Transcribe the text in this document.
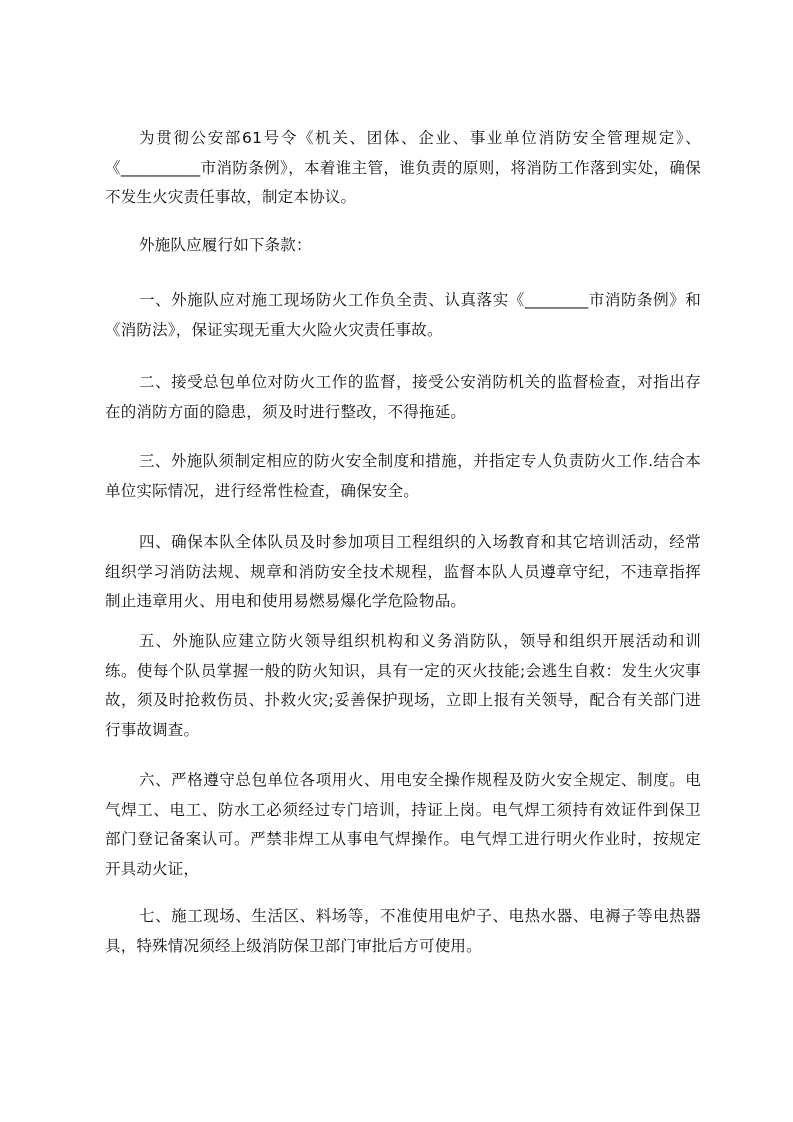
为贯彻公安部61号令《机关、团体、企业、事业单位消防安全管理规定》、《__________市消防条例》，本着谁主管，谁负责的原则，将消防工作落到实处，确保不发生火灾责任事故，制定本协议。

外施队应履行如下条款：

一、外施队应对施工现场防火工作负全责、认真落实《________市消防条例》和《消防法》，保证实现无重大火险火灾责任事故。

二、接受总包单位对防火工作的监督，接受公安消防机关的监督检查，对指出存在的消防方面的隐患，须及时进行整改，不得拖延。

三、外施队须制定相应的防火安全制度和措施，并指定专人负责防火工作.结合本单位实际情况，进行经常性检查，确保安全。

四、确保本队全体队员及时参加项目工程组织的入场教育和其它培训活动，经常组织学习消防法规、规章和消防安全技术规程，监督本队人员遵章守纪，不违章指挥制止违章用火、用电和使用易燃易爆化学危险物品。

五、外施队应建立防火领导组织机构和义务消防队，领导和组织开展活动和训练。使每个队员掌握一般的防火知识，具有一定的灭火技能;会逃生自救：发生火灾事故，须及时抢救伤员、扑救火灾;妥善保护现场，立即上报有关领导，配合有关部门进行事故调查。

六、严格遵守总包单位各项用火、用电安全操作规程及防火安全规定、制度。电气焊工、电工、防水工必须经过专门培训，持证上岗。电气焊工须持有效证件到保卫部门登记备案认可。严禁非焊工从事电气焊操作。电气焊工进行明火作业时，按规定开具动火证，

七、施工现场、生活区、料场等，不准使用电炉子、电热水器、电褥子等电热器具，特殊情况须经上级消防保卫部门审批后方可使用。
